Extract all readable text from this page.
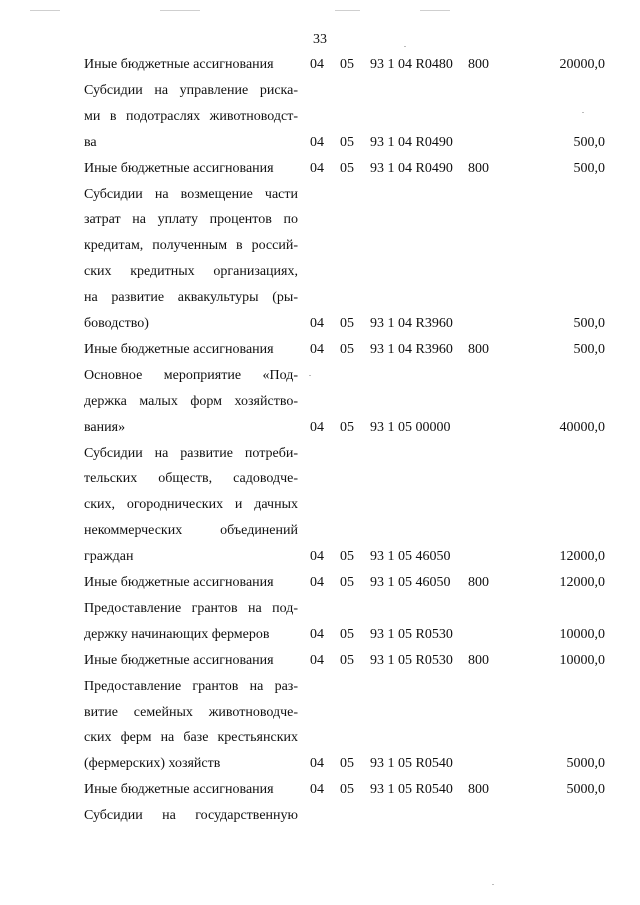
33
Иные бюджетные ассигнования	04 05 93 1 04 R0480 800	20000,0
Субсидии на управление риска-
ми в подотраслях животноводст-
ва	04 05 93 1 04 R0490	500,0
Иные бюджетные ассигнования	04 05 93 1 04 R0490 800	500,0
Субсидии на возмещение части
затрат на уплату процентов по
кредитам, полученным в россий-
ских кредитных организациях,
на развитие аквакультуры (ры-
боводство)	04 05 93 1 04 R3960	500,0
Иные бюджетные ассигнования	04 05 93 1 04 R3960 800	500,0
Основное мероприятие «Под-
держка малых форм хозяйство-
вания»	04 05 93 1 05 00000	40000,0
Субсидии на развитие потреби-
тельских обществ, садоводче-
ских, огороднических и дачных
некоммерческих объединений
граждан	04 05 93 1 05 46050	12000,0
Иные бюджетные ассигнования	04 05 93 1 05 46050 800	12000,0
Предоставление грантов на под-
держку начинающих фермеров	04 05 93 1 05 R0530	10000,0
Иные бюджетные ассигнования	04 05 93 1 05 R0530 800	10000,0
Предоставление грантов на раз-
витие семейных животноводче-
ских ферм на базе крестьянских
(фермерских) хозяйств	04 05 93 1 05 R0540	5000,0
Иные бюджетные ассигнования	04 05 93 1 05 R0540 800	5000,0
Субсидии на государственную
